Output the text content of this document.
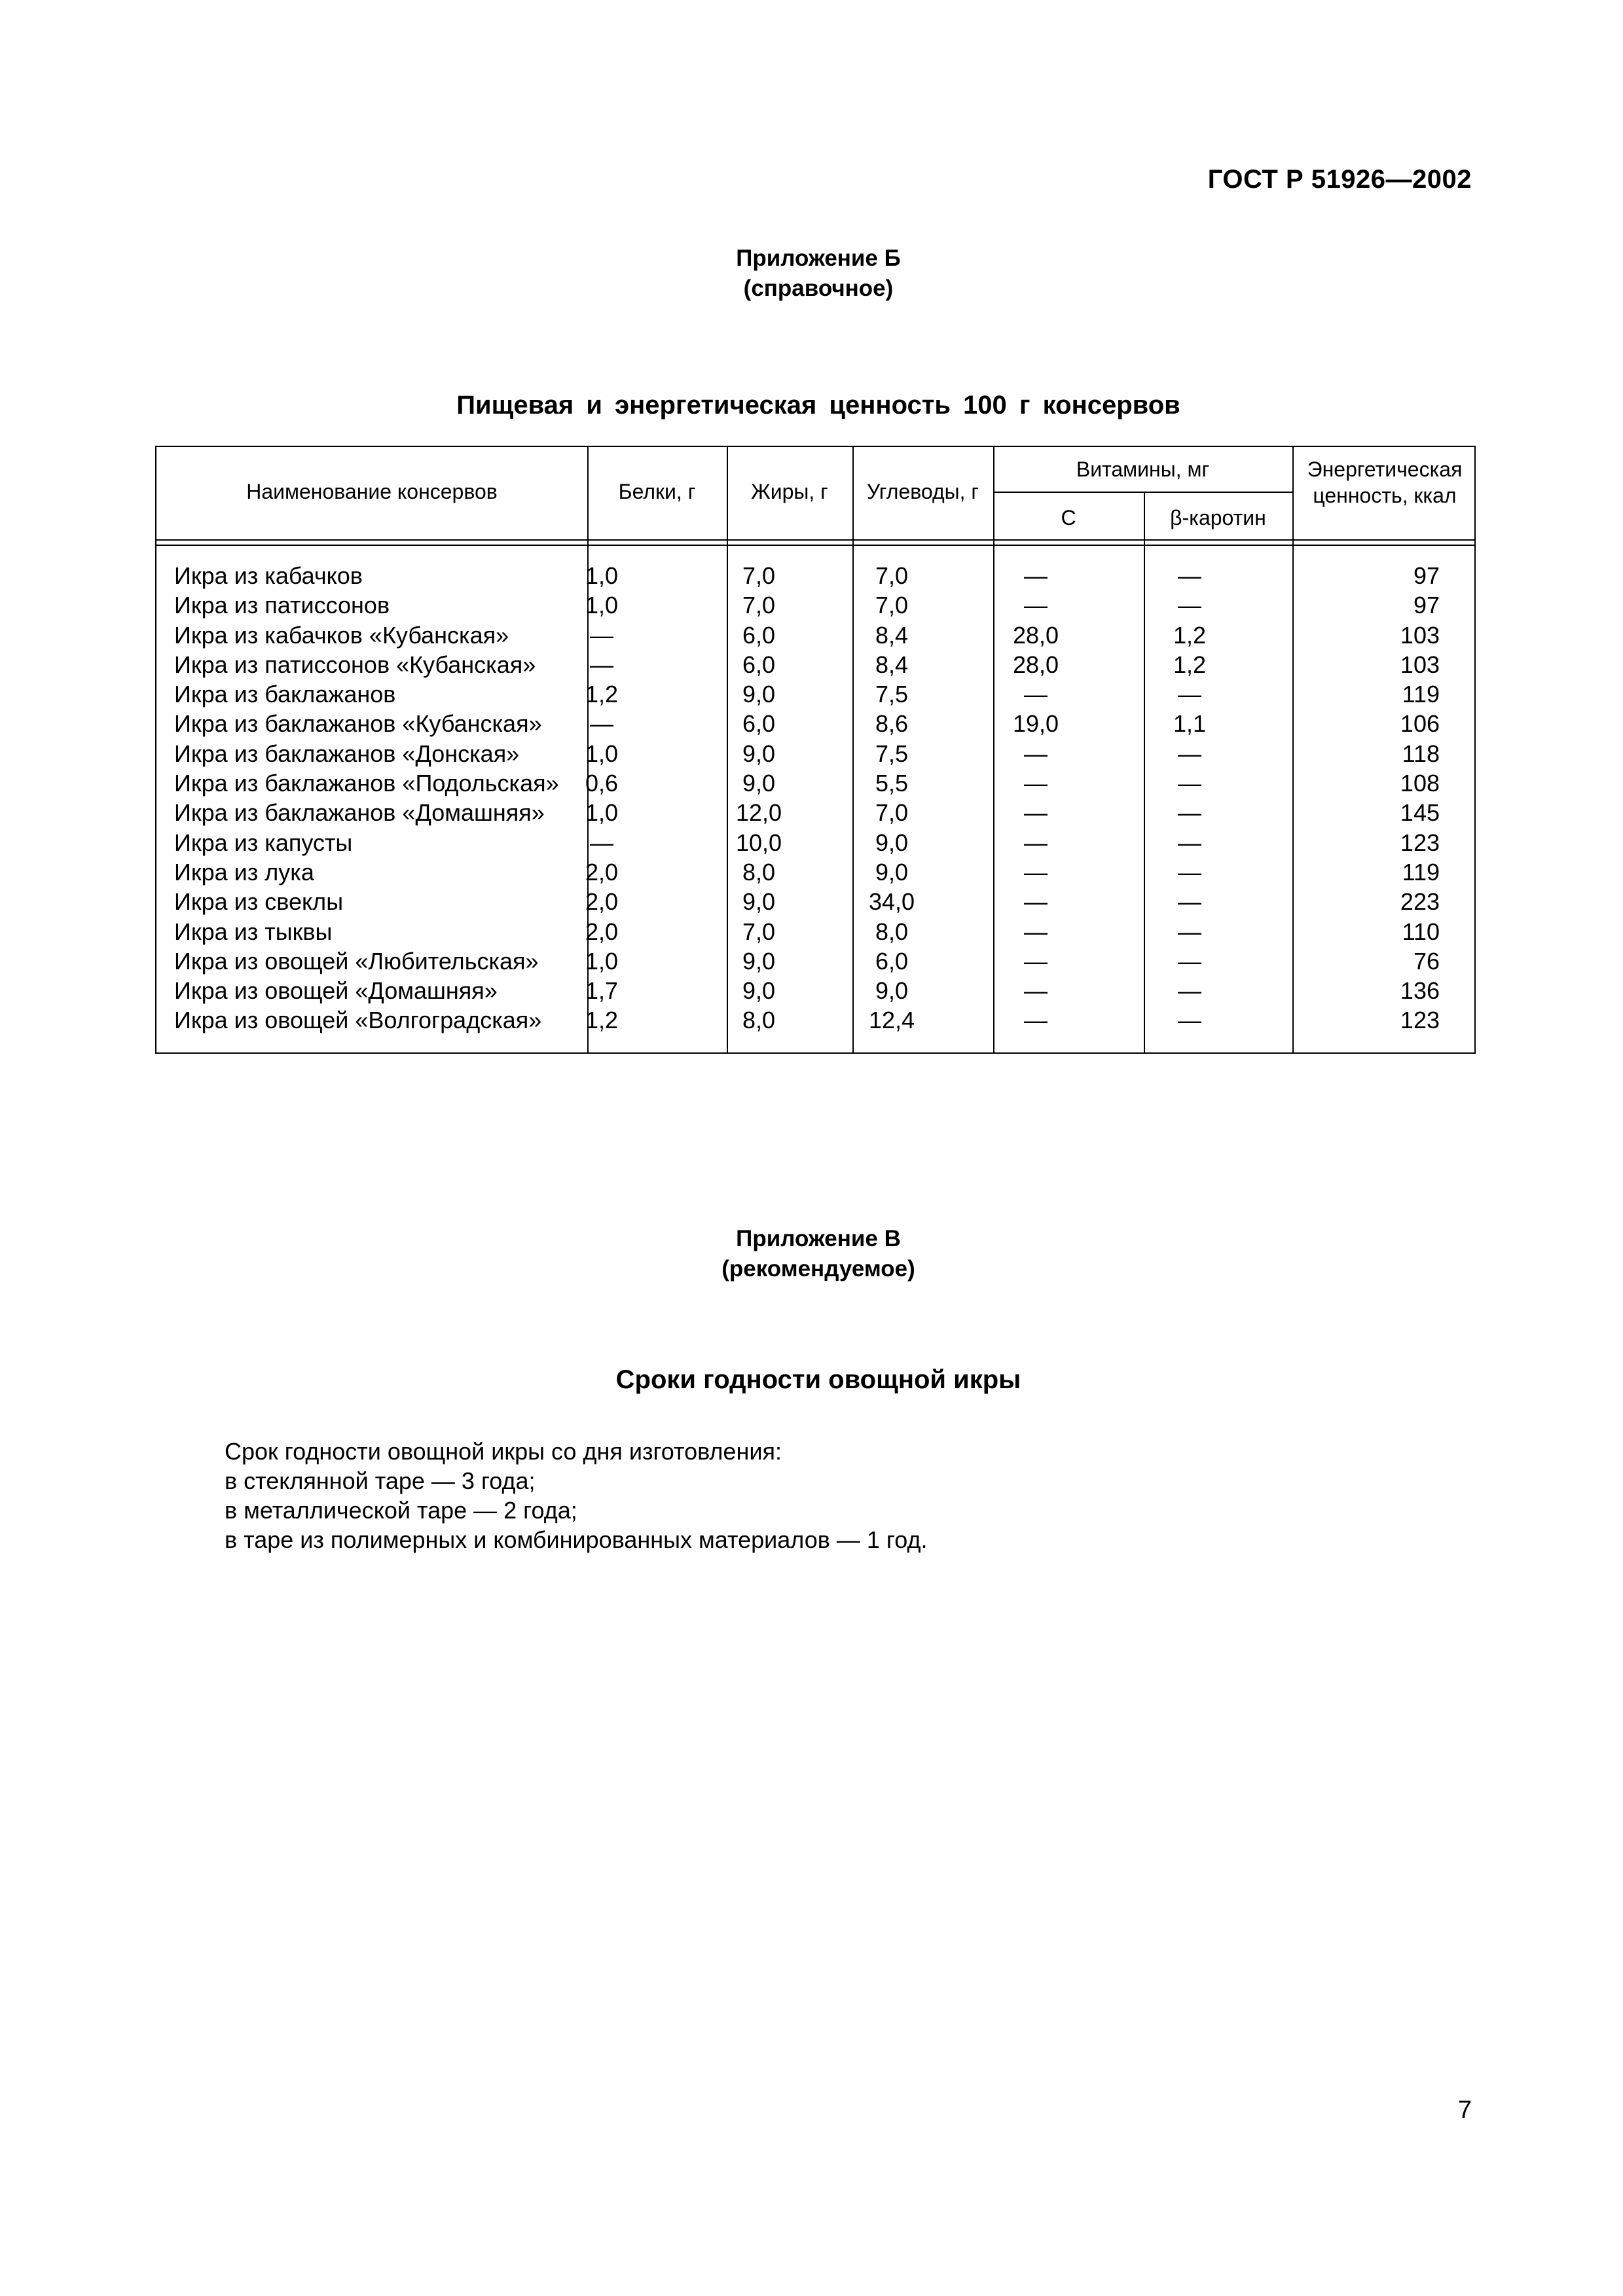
ГОСТ Р 51926—2002
Приложение Б
(справочное)
Пищевая и энергетическая ценность 100 г консервов
Наименование консервов	Белки, г	Жиры, г	Углеводы, г
Витамины, мг
С	β-каротин
Энергетическая
ценность, ккал
Икра из кабачков	1,0	7,0	7,0	—	—	97
Икра из патиссонов	1,0	7,0	7,0	—	—	97
Икра из кабачков «Кубанская»	—	6,0	8,4	28,0	1,2	103
Икра из патиссонов «Кубанская»	—	6,0	8,4	28,0	1,2	103
Икра из баклажанов	1,2	9,0	7,5	—	—	119
Икра из баклажанов «Кубанская»	—	6,0	8,6	19,0	1,1	106
Икра из баклажанов «Донская»	1,0	9,0	7,5	—	—	118
Икра из баклажанов «Подольская»	0,6	9,0	5,5	—	—	108
Икра из баклажанов «Домашняя»	1,0	12,0	7,0	—	—	145
Икра из капусты	—	10,0	9,0	—	—	123
Икра из лука	2,0	8,0	9,0	—	—	119
Икра из свеклы	2,0	9,0	34,0	—	—	223
Икра из тыквы	2,0	7,0	8,0	—	—	110
Икра из овощей «Любительская»	1,0	9,0	6,0	—	—	76
Икра из овощей «Домашняя»	1,7	9,0	9,0	—	—	136
Икра из овощей «Волгоградская»	1,2	8,0	12,4	—	—	123
Приложение В
(рекомендуемое)
Сроки годности овощной икры
Срок годности овощной икры со дня изготовления:
в стеклянной таре — 3 года;
в металлической таре — 2 года;
в таре из полимерных и комбинированных материалов — 1 год.
7
